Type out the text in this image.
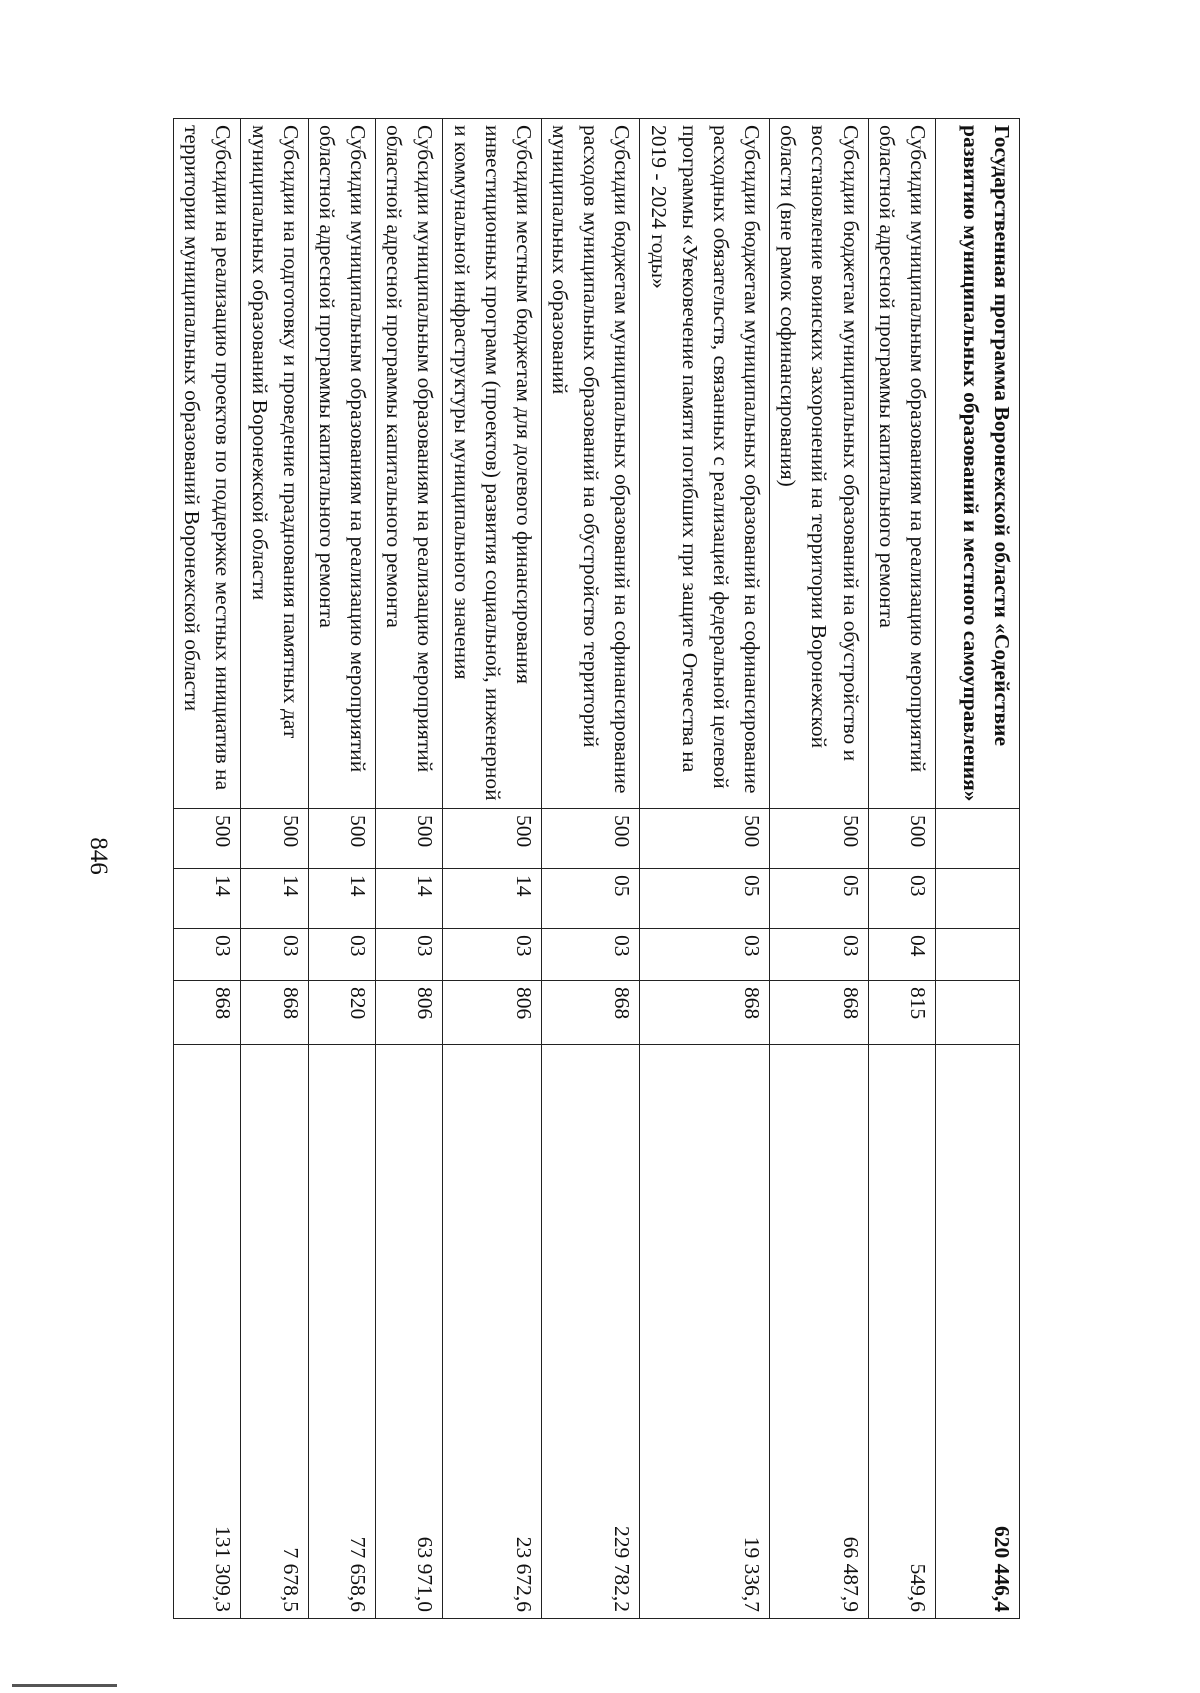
846
Государственная программа Воронежской области «Содействие развитию муниципальных образований и местного самоуправления»					620 446,4
Субсидии муниципальным образованиям на реализацию мероприятий областной адресной программы капитального ремонта	500	03	04	815	549,6
Субсидии бюджетам муниципальных образований на обустройство и восстановление воинских захоронений на территории Воронежской области (вне рамок софинансирования)	500	05	03	868	66 487,9
Субсидии бюджетам муниципальных образований на софинансирование расходных обязательств, связанных с реализацией федеральной целевой программы «Увековечение памяти погибших при защите Отечества на 2019 - 2024 годы»	500	05	03	868	19 336,7
Субсидии бюджетам муниципальных образований на софинансирование расходов муниципальных образований на обустройство территорий муниципальных образований	500	05	03	868	229 782,2
Субсидии местным бюджетам для долевого финансирования инвестиционных программ (проектов) развития социальной, инженерной и коммунальной инфраструктуры муниципального значения	500	14	03	806	23 672,6
Субсидии муниципальным образованиям на реализацию мероприятий областной адресной программы капитального ремонта	500	14	03	806	63 971,0
Субсидии муниципальным образованиям на реализацию мероприятий областной адресной программы капитального ремонта	500	14	03	820	77 658,6
Субсидии на подготовку и проведение празднования памятных дат муниципальных образований Воронежской области	500	14	03	868	7 678,5
Субсидии на реализацию проектов по поддержке местных инициатив на территории муниципальных образований Воронежской области	500	14	03	868	131 309,3
